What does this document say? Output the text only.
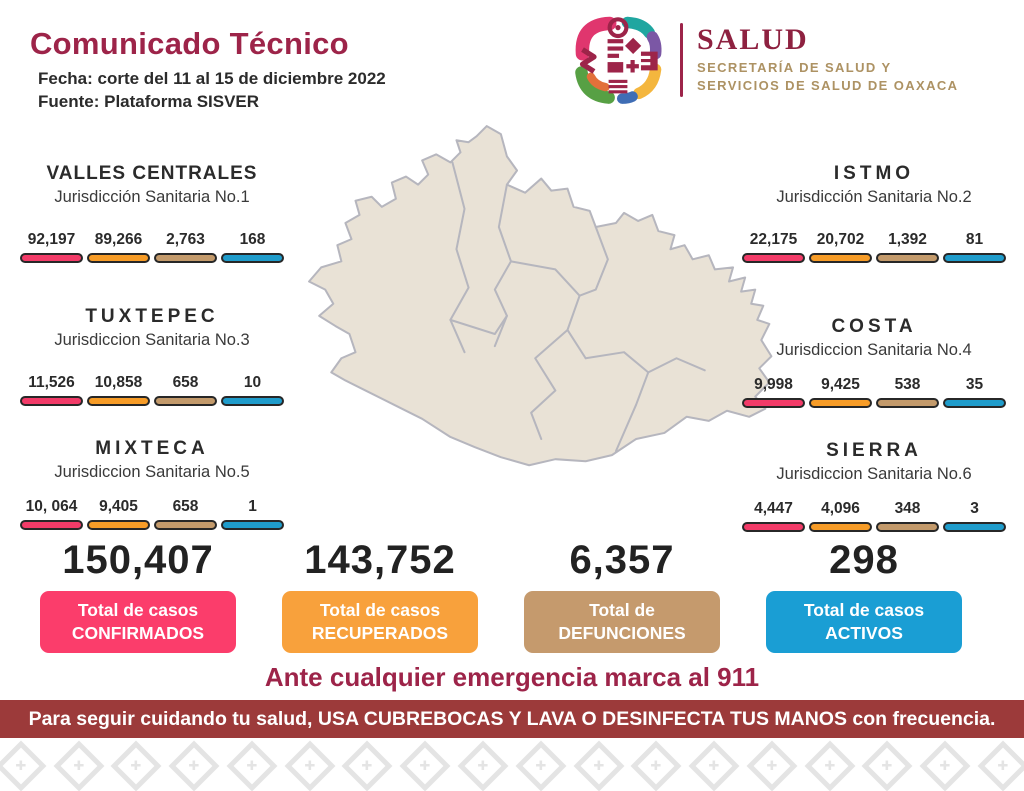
Comunicado Técnico
Fecha: corte del 11 al 15 de diciembre 2022
Fuente: Plataforma SISVER
SALUD
SECRETARÍA DE SALUD Y
SERVICIOS DE SALUD DE OAXACA
VALLES CENTRALES
Jurisdicción Sanitaria No.1
92,197 89,266 2,763 168
ISTMO
Jurisdicción Sanitaria No.2
22,175 20,702 1,392	81
TUXTEPEC
Jurisdiccion Sanitaria No.3
11,526 10,858 658	10
COSTA
Jurisdiccion Sanitaria No.4
9,998 9,425 538	35
MIXTECA
Jurisdiccion Sanitaria No.5
10, 064 9,405 658	1
SIERRA
Jurisdiccion Sanitaria No.6
4,447 4,096 348	3
150,407
Total de casos
CONFIRMADOS
143,752
Total de casos
RECUPERADOS
6,357
Total de
DEFUNCIONES
298
Total de casos
ACTIVOS
Ante cualquier emergencia marca al 911
Para seguir cuidando tu salud, USA CUBREBOCAS Y LAVA O DESINFECTA TUS MANOS con frecuencia.
✚
✚
✚
✚
✚
✚
✚
✚
✚
✚
✚
✚
✚
✚
✚
✚
✚
✚
